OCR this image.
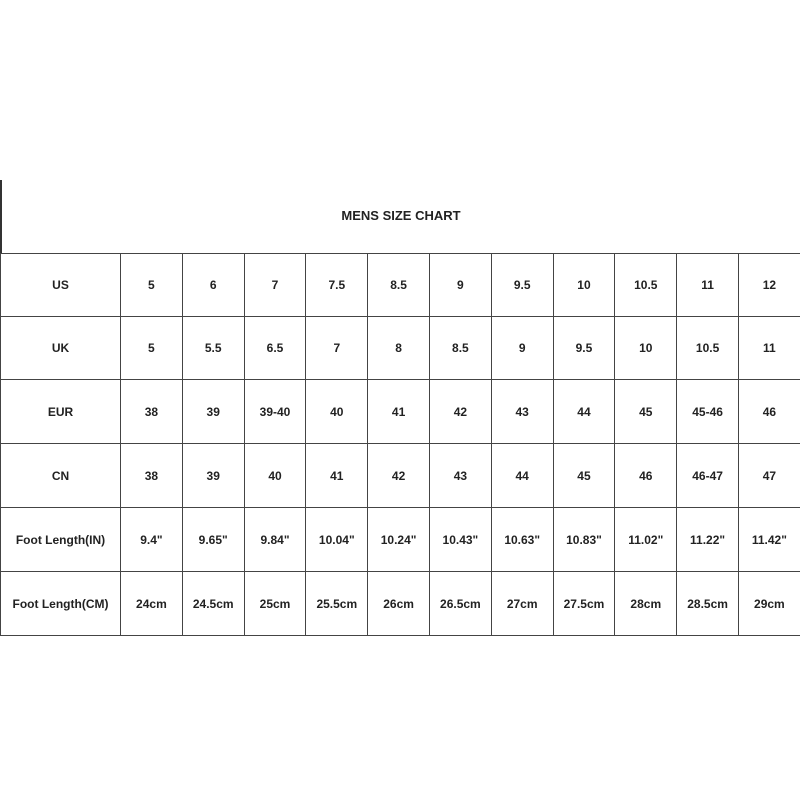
MENS SIZE CHART
US	5	6	7	7.5	8.5	9	9.5	10	10.5	11	12
UK	5	5.5	6.5	7	8	8.5	9	9.5	10	10.5	11
EUR	38	39	39-40	40	41	42	43	44	45	45-46	46
CN	38	39	40	41	42	43	44	45	46	46-47	47
Foot Length(IN)	9.4"	9.65"	9.84"	10.04"	10.24"	10.43"	10.63"	10.83"	11.02"	11.22"	11.42"
Foot Length(CM)	24cm	24.5cm	25cm	25.5cm	26cm	26.5cm	27cm	27.5cm	28cm	28.5cm	29cm
